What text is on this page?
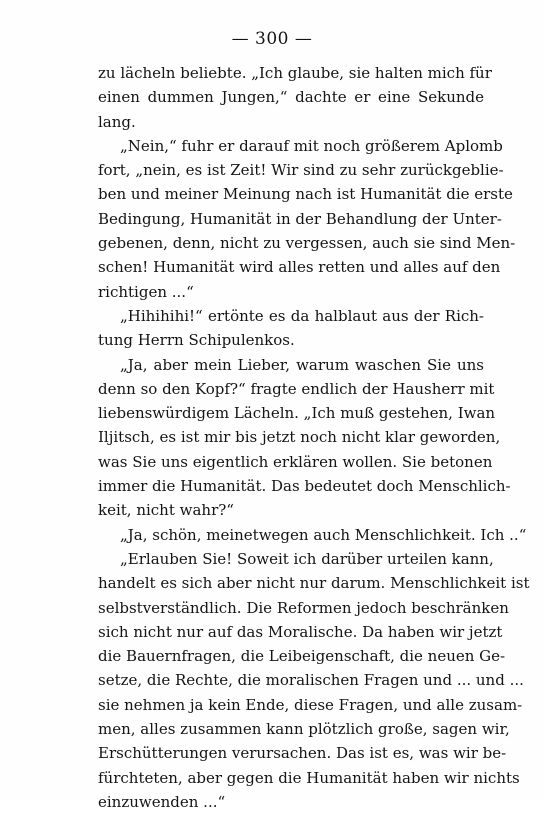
— 300 —
zu lächeln beliebte. „Ich glaube, sie halten mich für
einen dummen Jungen,“ dachte er eine Sekunde
lang.
„Nein,“ fuhr er darauf mit noch größerem Aplomb
fort, „nein, es ist Zeit! Wir sind zu sehr zurückgeblie-
ben und meiner Meinung nach ist Humanität die erste
Bedingung, Humanität in der Behandlung der Unter-
gebenen, denn, nicht zu vergessen, auch sie sind Men-
schen! Humanität wird alles retten und alles auf den
richtigen ...“
„Hihihihi!“ ertönte es da halblaut aus der Rich-
tung Herrn Schipulenkos.
„Ja, aber mein Lieber, warum waschen Sie uns
denn so den Kopf?“ fragte endlich der Hausherr mit
liebenswürdigem Lächeln. „Ich muß gestehen, Iwan
Iljitsch, es ist mir bis jetzt noch nicht klar geworden,
was Sie uns eigentlich erklären wollen. Sie betonen
immer die Humanität. Das bedeutet doch Menschlich-
keit, nicht wahr?“
„Ja, schön, meinetwegen auch Menschlichkeit. Ich ..“
„Erlauben Sie! Soweit ich darüber urteilen kann,
handelt es sich aber nicht nur darum. Menschlichkeit ist
selbstverständlich. Die Reformen jedoch beschränken
sich nicht nur auf das Moralische. Da haben wir jetzt
die Bauernfragen, die Leibeigenschaft, die neuen Ge-
setze, die Rechte, die moralischen Fragen und ... und ...
sie nehmen ja kein Ende, diese Fragen, und alle zusam-
men, alles zusammen kann plötzlich große, sagen wir,
Erschütterungen verursachen. Das ist es, was wir be-
fürchteten, aber gegen die Humanität haben wir nichts
einzuwenden ...“
